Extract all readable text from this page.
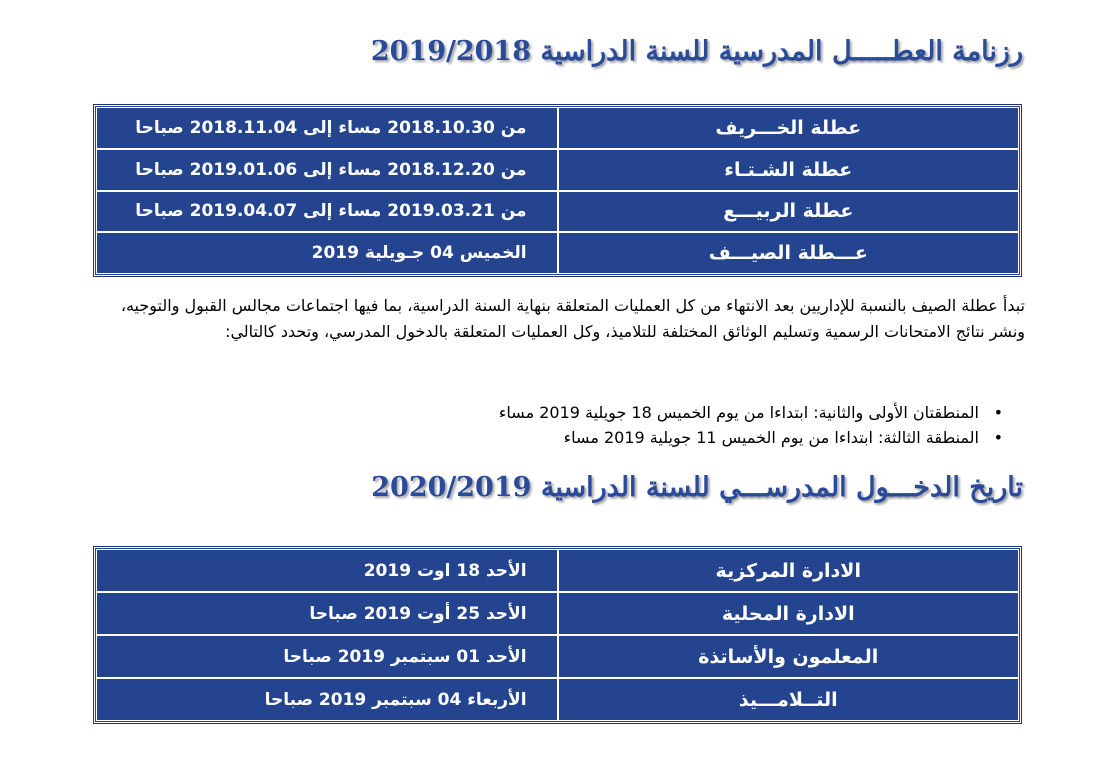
رزنامة العطـــــل المدرسية للسنة الدراسية 2019/2018
عطلة الخـــريف
من 2018.10.30 مساء إلى 2018.11.04 صباحا
عطلة الشـتـاء
من 2018.12.20 مساء إلى 2019.01.06 صباحا
عطلة الربيـــع
من 2019.03.21 مساء إلى 2019.04.07 صباحا
عـــطلة الصيـــف
الخميس 04 جـويلية 2019

تبدأ عطلة الصيف بالنسبة للإداريين بعد الانتهاء من كل العمليات المتعلقة بنهاية السنة الدراسية، بما فيها اجتماعات مجالس القبول والتوجيه، ونشر نتائج الامتحانات الرسمية وتسليم الوثائق المختلفة للتلاميذ، وكل العمليات المتعلقة بالدخول المدرسي، وتحدد كالتالي:

•
المنطقتان الأولى والثانية: ابتداءا من يوم الخميس 18 جويلية 2019 مساء
•
المنطقة الثالثة: ابتداءا من يوم الخميس 11 جويلية 2019 مساء
تاريخ الدخـــول المدرســـي للسنة الدراسية 2020/2019
الادارة المركزية
الأحد 18 اوت 2019
الادارة المحلية
الأحد 25 أوت 2019 صباحا
المعلمون والأساتذة
الأحد 01 سبتمبر 2019 صباحا
التــلامـــيذ
الأربعاء 04 سبتمبر 2019 صباحا
